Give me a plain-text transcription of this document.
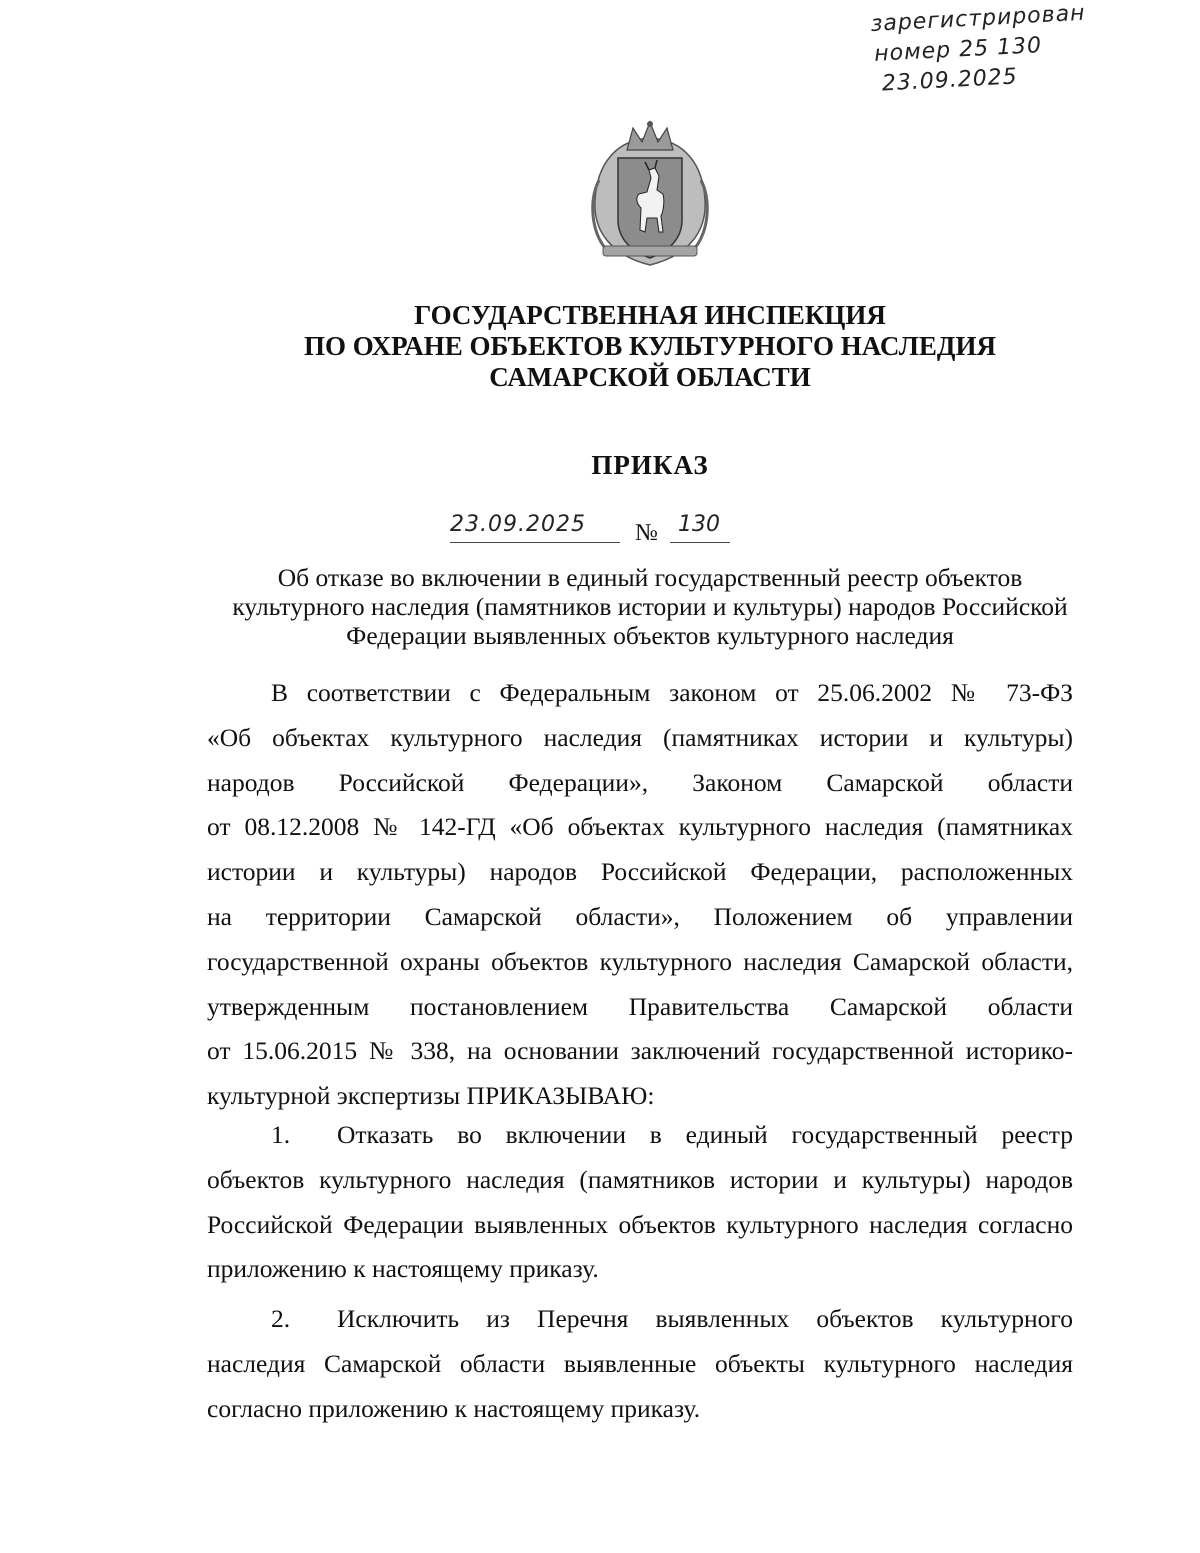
зарегистрирован
номер 25 130
23.09.2025
ГОСУДАРСТВЕННАЯ ИНСПЕКЦИЯ
ПО ОХРАНЕ ОБЪЕКТОВ КУЛЬТУРНОГО НАСЛЕДИЯ
САМАРСКОЙ ОБЛАСТИ
ПРИКАЗ
23.09.2025 № 130
Об отказе во включении в единый государственный реестр объектов
культурного наследия (памятников истории и культуры) народов Российской
Федерации выявленных объектов культурного наследия
В соответствии с Федеральным законом от 25.06.2002 № 73-ФЗ
«Об объектах культурного наследия (памятниках истории и культуры)
народов Российской Федерации», Законом Самарской области
от 08.12.2008 № 142-ГД «Об объектах культурного наследия (памятниках
истории и культуры) народов Российской Федерации, расположенных
на территории Самарской области», Положением об управлении
государственной охраны объектов культурного наследия Самарской области,
утвержденным постановлением Правительства Самарской области
от 15.06.2015 № 338, на основании заключений государственной историко-
культурной экспертизы ПРИКАЗЫВАЮ:
1. Отказать во включении в единый государственный реестр
объектов культурного наследия (памятников истории и культуры) народов
Российской Федерации выявленных объектов культурного наследия согласно
приложению к настоящему приказу.
2. Исключить из Перечня выявленных объектов культурного
наследия Самарской области выявленные объекты культурного наследия
согласно приложению к настоящему приказу.
